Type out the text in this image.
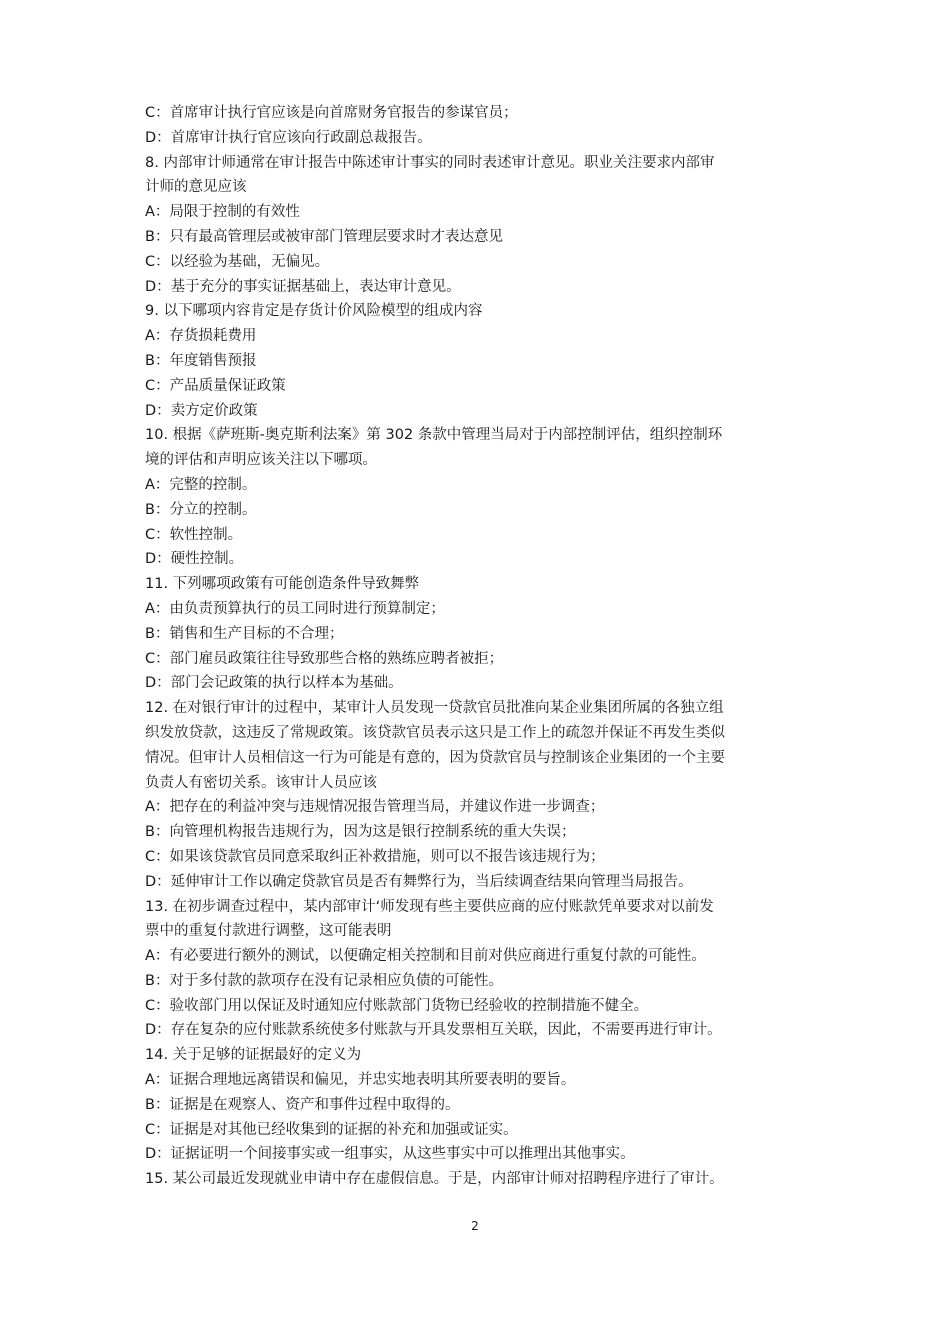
C：首席审计执行官应该是向首席财务官报告的参谋官员；
D：首席审计执行官应该向行政副总裁报告。
8. 内部审计师通常在审计报告中陈述审计事实的同时表述审计意见。职业关注要求内部审
计师的意见应该
A：局限于控制的有效性
B：只有最高管理层或被审部门管理层要求时才表达意见
C：以经验为基础，无偏见。
D：基于充分的事实证据基础上，表达审计意见。
9. 以下哪项内容肯定是存货计价风险模型的组成内容
A：存货损耗费用
B：年度销售预报
C：产品质量保证政策
D：卖方定价政策
10. 根据《萨班斯-奥克斯利法案》第 302 条款中管理当局对于内部控制评估，组织控制环
境的评估和声明应该关注以下哪项。
A：完整的控制。
B：分立的控制。
C：软性控制。
D：硬性控制。
11. 下列哪项政策有可能创造条件导致舞弊
A：由负责预算执行的员工同时进行预算制定；
B：销售和生产目标的不合理；
C：部门雇员政策往往导致那些合格的熟练应聘者被拒；
D：部门会记政策的执行以样本为基础。
12. 在对银行审计的过程中，某审计人员发现一贷款官员批准向某企业集团所属的各独立组
织发放贷款，这违反了常规政策。该贷款官员表示这只是工作上的疏忽并保证不再发生类似
情况。但审计人员相信这一行为可能是有意的，因为贷款官员与控制该企业集团的一个主要
负责人有密切关系。该审计人员应该
A：把存在的利益冲突与违规情况报告管理当局，并建议作进一步调查；
B：向管理机构报告违规行为，因为这是银行控制系统的重大失误；
C：如果该贷款官员同意采取纠正补救措施，则可以不报告该违规行为；
D：延伸审计工作以确定贷款官员是否有舞弊行为，当后续调查结果向管理当局报告。
13. 在初步调查过程中，某内部审计‘师发现有些主要供应商的应付账款凭单要求对以前发
票中的重复付款进行调整，这可能表明
A：有必要进行额外的测试，以便确定相关控制和目前对供应商进行重复付款的可能性。
B：对于多付款的款项存在没有记录相应负债的可能性。
C：验收部门用以保证及时通知应付账款部门货物已经验收的控制措施不健全。
D：存在复杂的应付账款系统使多付账款与开具发票相互关联，因此，不需要再进行审计。
14. 关于足够的证据最好的定义为
A：证据合理地远离错误和偏见，并忠实地表明其所要表明的要旨。
B：证据是在观察人、资产和事件过程中取得的。
C：证据是对其他已经收集到的证据的补充和加强或证实。
D：证据证明一个间接事实或一组事实，从这些事实中可以推理出其他事实。
15. 某公司最近发现就业申请中存在虚假信息。于是，内部审计师对招聘程序进行了审计。
2
